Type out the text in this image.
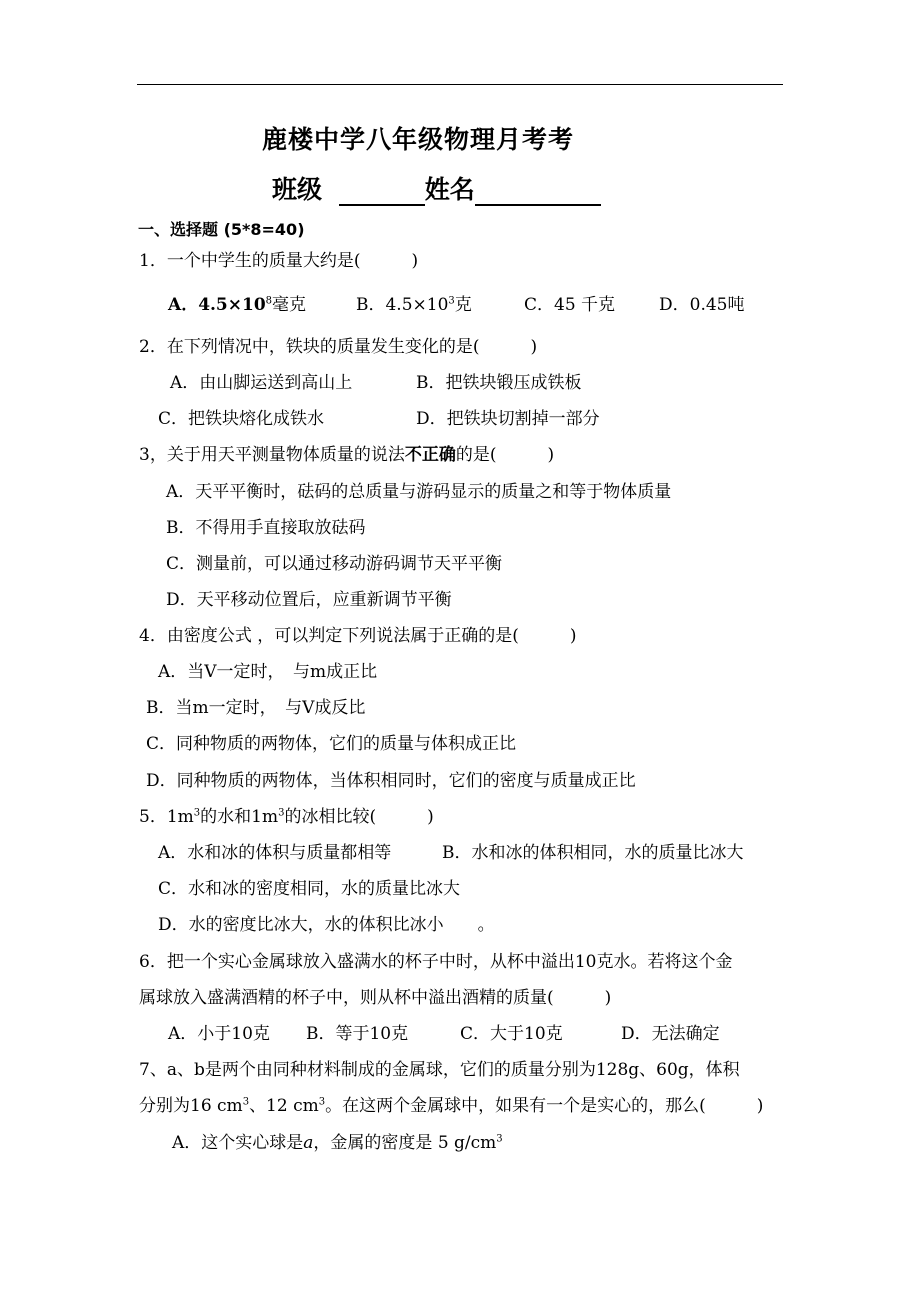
鹿楼中学八年级物理月考考
班级	姓名
一、选择题 (5*8=40)
1．一个中学生的质量大约是(　　　)
A．$4.5\times 10^8$毫克	B．$4.5\times 10^3$克	C．45 千克	D．0.45吨
2．在下列情况中，铁块的质量发生变化的是(　　　)
A．由山脚运送到高山上	B．把铁块锻压成铁板
C．把铁块熔化成铁水	D．把铁块切割掉一部分
3，关于用天平测量物体质量的说法不正确的是(　　　)
A．天平平衡时，砝码的总质量与游码显示的质量之和等于物体质量
B．不得用手直接取放砝码
C．测量前，可以通过移动游码调节天平平衡
D．天平移动位置后，应重新调节平衡
4．由密度公式 ，可以判定下列说法属于正确的是(　　　)
A．当V一定时，　与m成正比
B．当m一定时，　与V成反比
C．同种物质的两物体，它们的质量与体积成正比
D．同种物质的两物体，当体积相同时，它们的密度与质量成正比
5．$1m^3$的水和$1m^3$的冰相比较(　　　)
A．水和冰的体积与质量都相等	B．水和冰的体积相同，水的质量比冰大
C．水和冰的密度相同，水的质量比冰大
D．水的密度比冰大，水的体积比冰小　　。
6．把一个实心金属球放入盛满水的杯子中时，从杯中溢出10克水。若将这个金
属球放入盛满酒精的杯子中，则从杯中溢出酒精的质量(　　　)
A．小于10克 B．等于10克	C．大于10克	D．无法确定
7、a、b是两个由同种材料制成的金属球，它们的质量分别为128g、60g，体积
分别为16 $cm^3$、12 $cm^3$。在这两个金属球中，如果有一个是实心的，那么(　　　)
A．这个实心球是a，金属的密度是 5 $g/cm^3$
